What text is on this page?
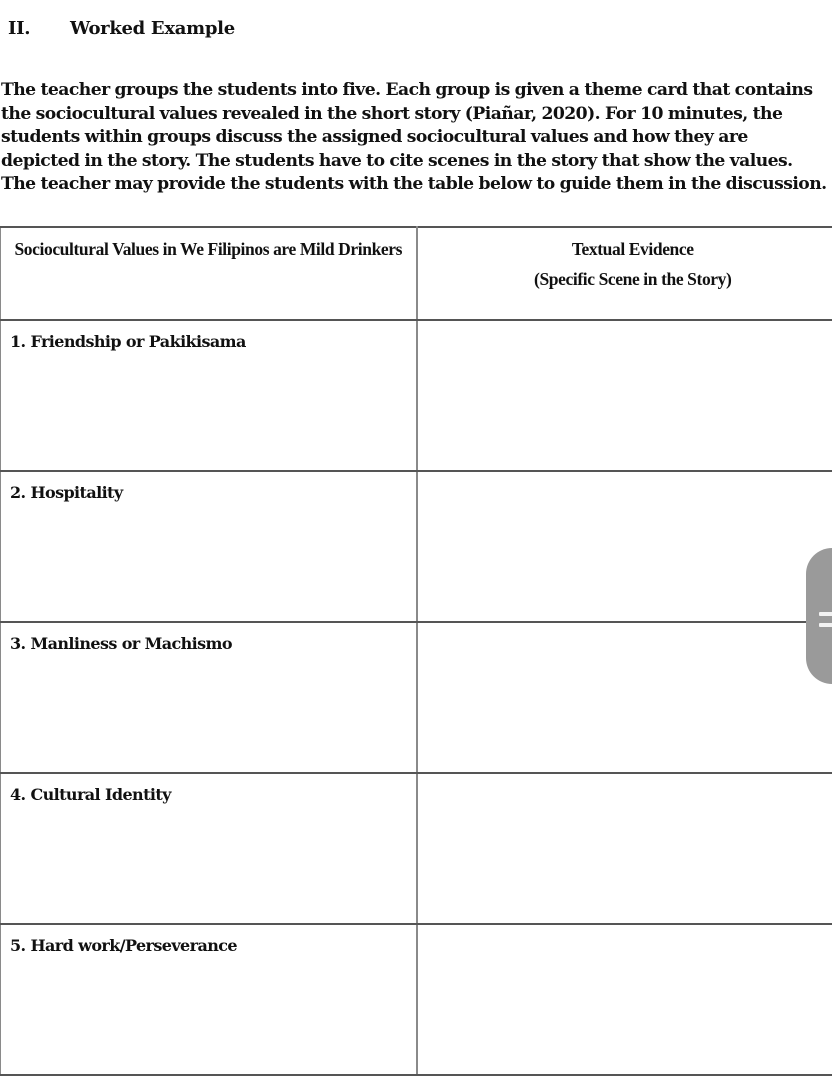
II. Worked Example

The teacher groups the students into five. Each group is given a theme card that contains the sociocultural values revealed in the short story (Piañar, 2020). For 10 minutes, the students within groups discuss the assigned sociocultural values and how they are depicted in the story. The students have to cite scenes in the story that show the values. The teacher may provide the students with the table below to guide them in the discussion.

Sociocultural Values in We Filipinos are Mild Drinkers	Textual Evidence
(Specific Scene in the Story)

1. Friendship or Pakikisama	

2. Hospitality	

3. Manliness or Machismo	

4. Cultural Identity	

5. Hard work/Perseverance	
